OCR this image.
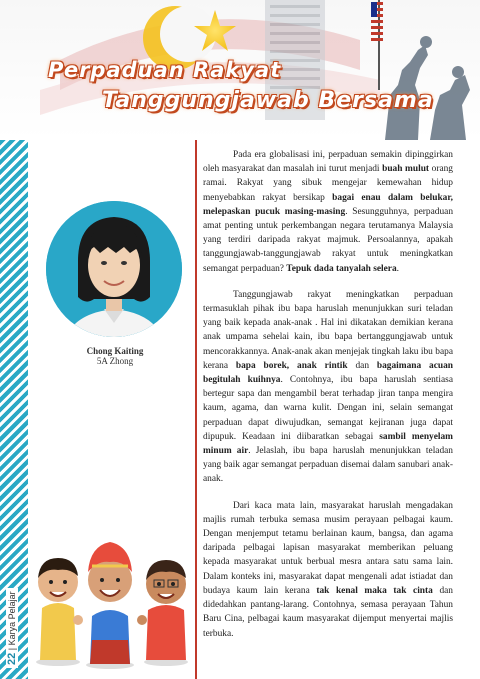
Perpaduan Rakyat
Tanggungjawab Bersama
22 | Karya Pelajar
Chong Kaiting
5A Zhong

Pada era globalisasi ini, perpaduan semakin dipinggirkan oleh masyarakat dan masalah ini turut menjadi buah mulut orang ramai. Rakyat yang sibuk mengejar kemewahan hidup menyebabkan rakyat bersikap bagai enau dalam belukar, melepaskan pucuk masing-masing. Sesungguhnya, perpaduan amat penting untuk perkembangan negara terutamanya Malaysia yang terdiri daripada rakyat majmuk. Persoalannya, apakah tanggungjawab-tanggungjawab rakyat untuk meningkatkan semangat perpaduan? Tepuk dada tanyalah selera.

Tanggungjawab rakyat meningkatkan perpaduan termasuklah pihak ibu bapa haruslah menunjukkan suri teladan yang baik kepada anak-anak . Hal ini dikatakan demikian kerana anak umpama sehelai kain, ibu bapa bertanggungjawab untuk mencorakkannya. Anak-anak akan menjejak tingkah laku ibu bapa kerana bapa borek, anak rintik dan bagaimana acuan begitulah kuihnya. Contohnya, ibu bapa haruslah sentiasa bertegur sapa dan mengambil berat terhadap jiran tanpa mengira kaum, agama, dan warna kulit. Dengan ini, selain semangat perpaduan dapat diwujudkan, semangat kejiranan juga dapat dipupuk. Keadaan ini diibaratkan sebagai sambil menyelam minum air. Jelaslah, ibu bapa haruslah menunjukkan teladan yang baik agar semangat perpaduan disemai dalam sanubari anak-anak.

Dari kaca mata lain, masyarakat haruslah mengadakan majlis rumah terbuka semasa musim perayaan pelbagai kaum. Dengan menjemput tetamu berlainan kaum, bangsa, dan agama daripada pelbagai lapisan masyarakat memberikan peluang kepada masyarakat untuk berbual mesra antara satu sama lain. Dalam konteks ini, masyarakat dapat mengenali adat istiadat dan budaya kaum lain kerana tak kenal maka tak cinta dan didedahkan pantang-larang. Contohnya, semasa perayaan Tahun Baru Cina, pelbagai kaum masyarakat dijemput menyertai majlis terbuka.
